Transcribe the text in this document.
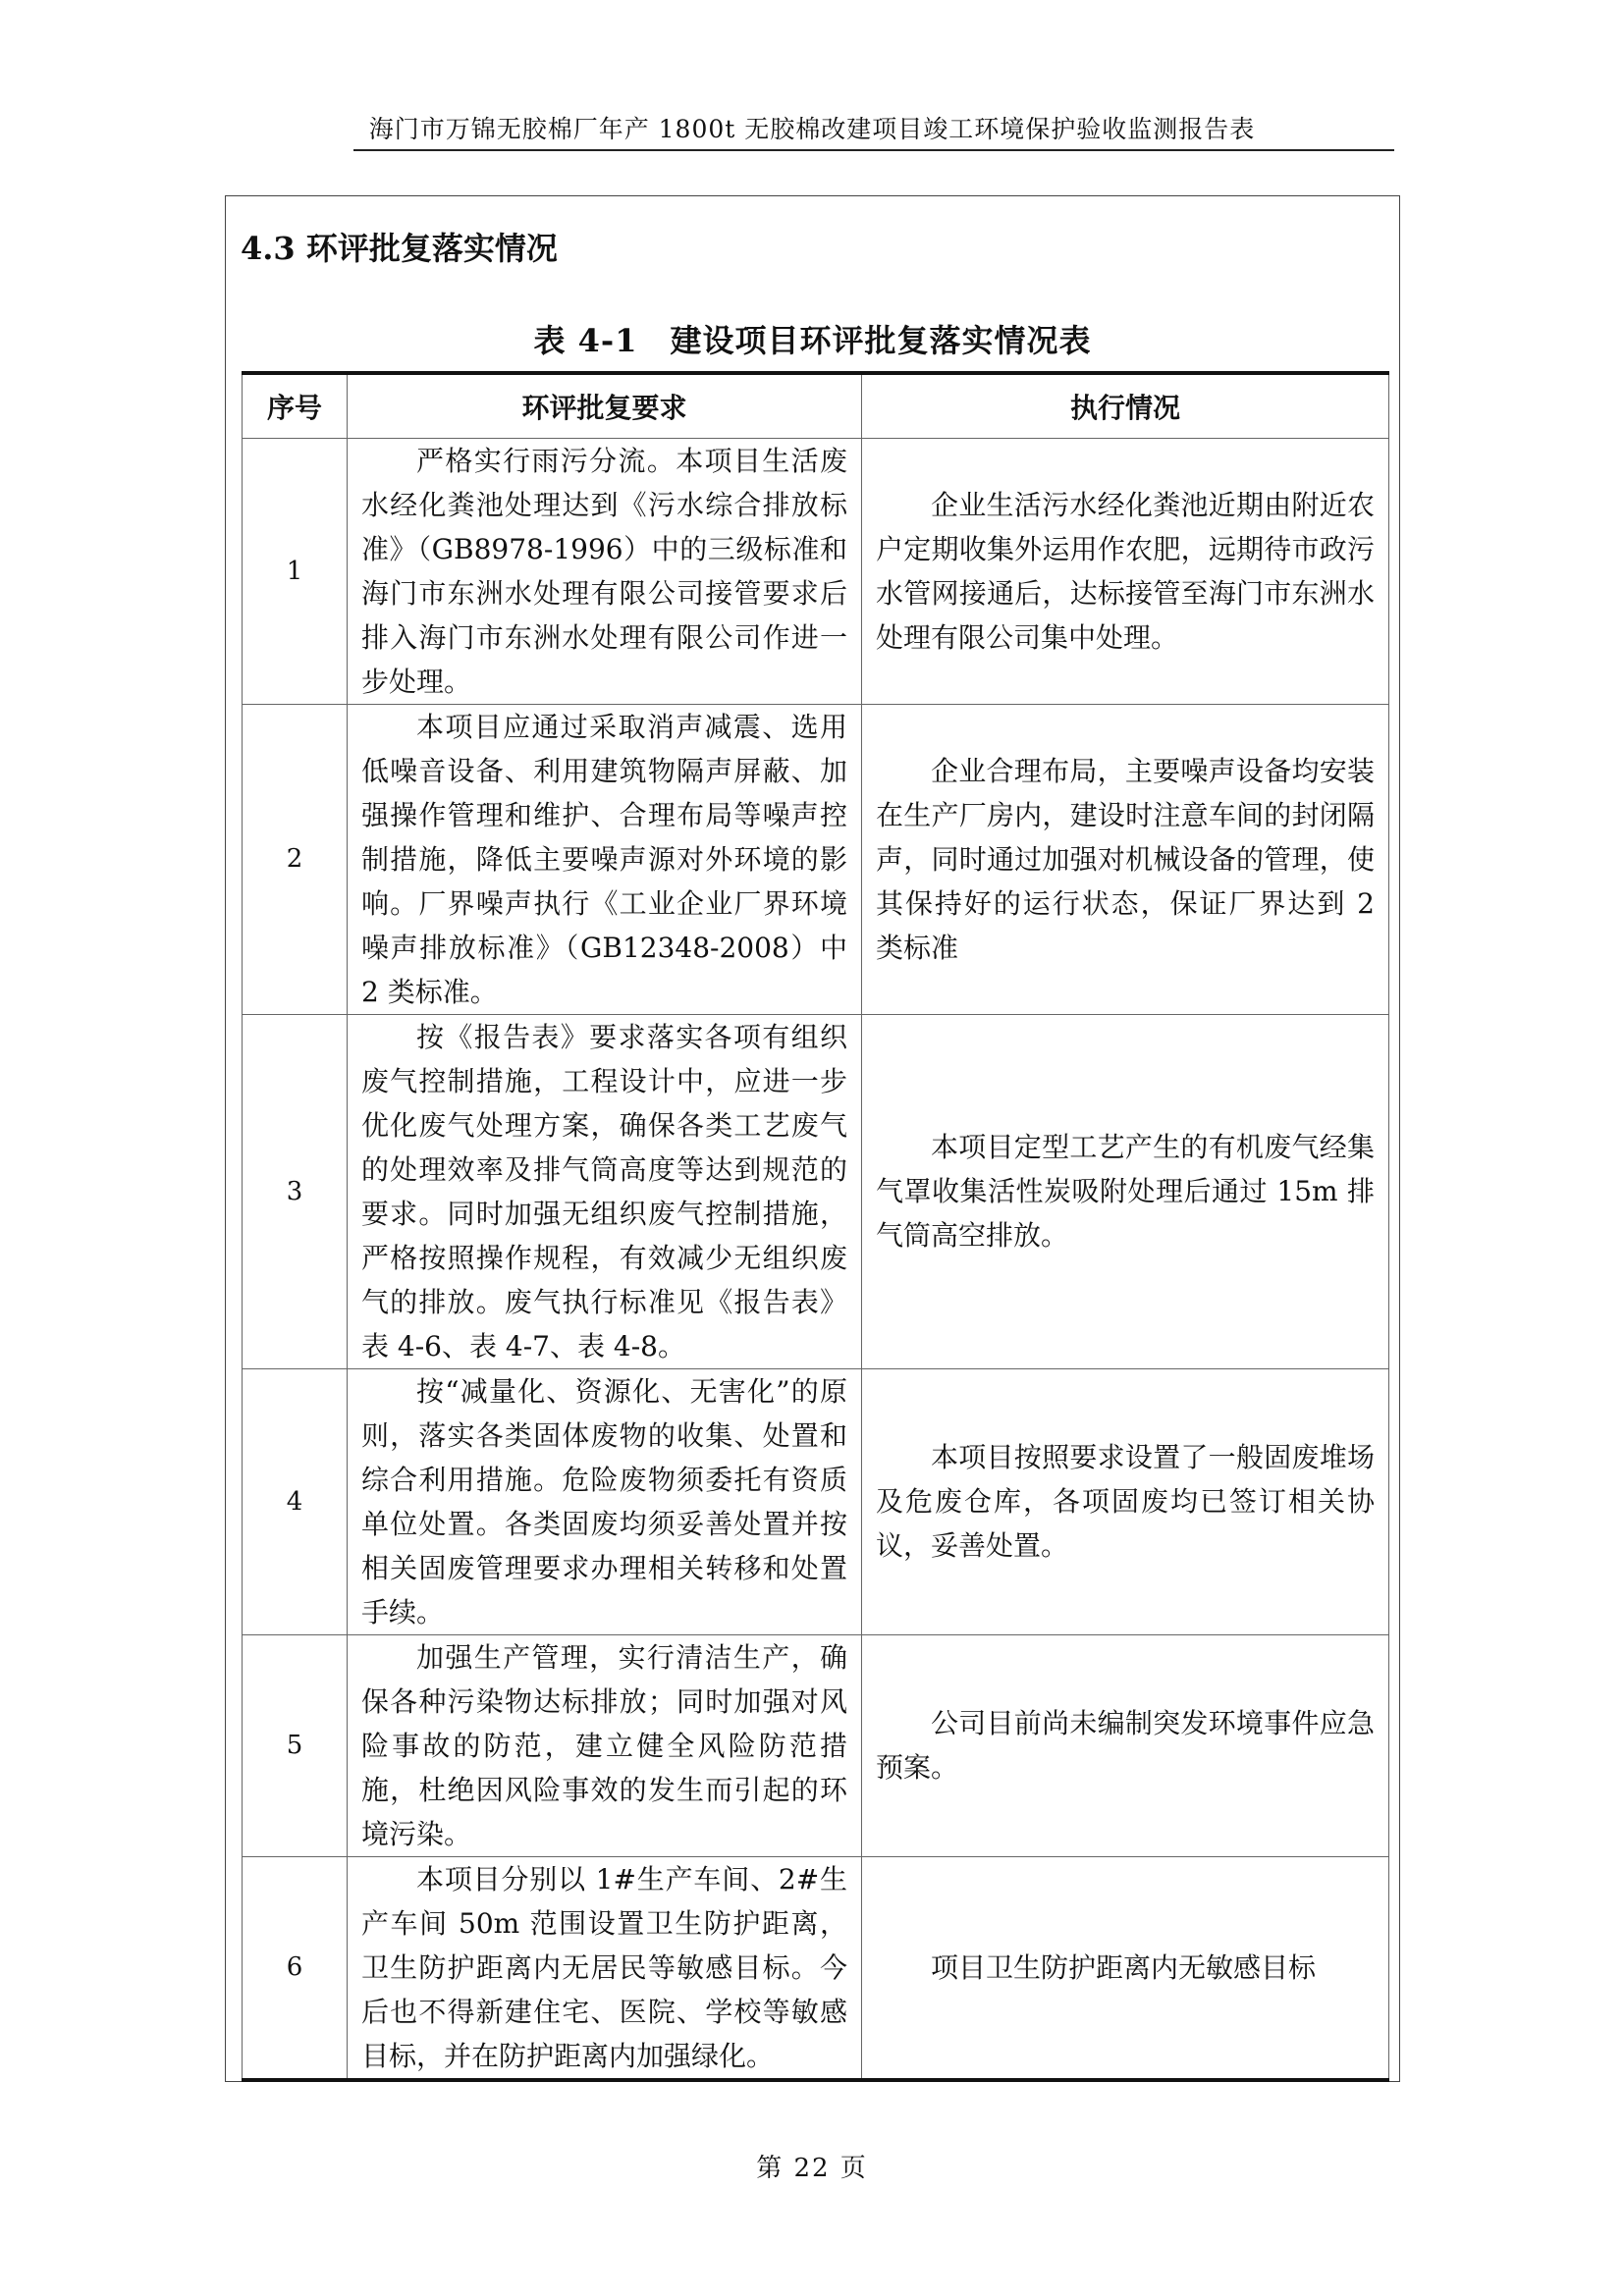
海门市万锦无胶棉厂年产 1800t 无胶棉改建项目竣工环境保护验收监测报告表
4.3 环评批复落实情况
表 4-1　建设项目环评批复落实情况表
序号	环评批复要求	执行情况
1	严格实行雨污分流。本项目生活废水经化粪池处理达到《污水综合排放标准》（GB8978-1996）中的三级标准和海门市东洲水处理有限公司接管要求后排入海门市东洲水处理有限公司作进一步处理。	企业生活污水经化粪池近期由附近农户定期收集外运用作农肥，远期待市政污水管网接通后，达标接管至海门市东洲水处理有限公司集中处理。
2	本项目应通过采取消声减震、选用低噪音设备、利用建筑物隔声屏蔽、加强操作管理和维护、合理布局等噪声控制措施，降低主要噪声源对外环境的影响。厂界噪声执行《工业企业厂界环境噪声排放标准》（GB12348-2008）中 2 类标准。	企业合理布局，主要噪声设备均安装在生产厂房内，建设时注意车间的封闭隔声，同时通过加强对机械设备的管理，使其保持好的运行状态，保证厂界达到 2 类标准
3	按《报告表》要求落实各项有组织废气控制措施，工程设计中，应进一步优化废气处理方案，确保各类工艺废气的处理效率及排气筒高度等达到规范的要求。同时加强无组织废气控制措施，严格按照操作规程，有效减少无组织废气的排放。废气执行标准见《报告表》表 4-6、表 4-7、表 4-8。	本项目定型工艺产生的有机废气经集气罩收集活性炭吸附处理后通过 15m 排气筒高空排放。
4	按“减量化、资源化、无害化”的原则，落实各类固体废物的收集、处置和综合利用措施。危险废物须委托有资质单位处置。各类固废均须妥善处置并按相关固废管理要求办理相关转移和处置手续。	本项目按照要求设置了一般固废堆场及危废仓库，各项固废均已签订相关协议，妥善处置。
5	加强生产管理，实行清洁生产，确保各种污染物达标排放；同时加强对风险事故的防范，建立健全风险防范措施，杜绝因风险事效的发生而引起的环境污染。	公司目前尚未编制突发环境事件应急预案。
6	本项目分别以 1#生产车间、2#生产车间 50m 范围设置卫生防护距离，卫生防护距离内无居民等敏感目标。今后也不得新建住宅、医院、学校等敏感目标，并在防护距离内加强绿化。	项目卫生防护距离内无敏感目标
第 22 页
